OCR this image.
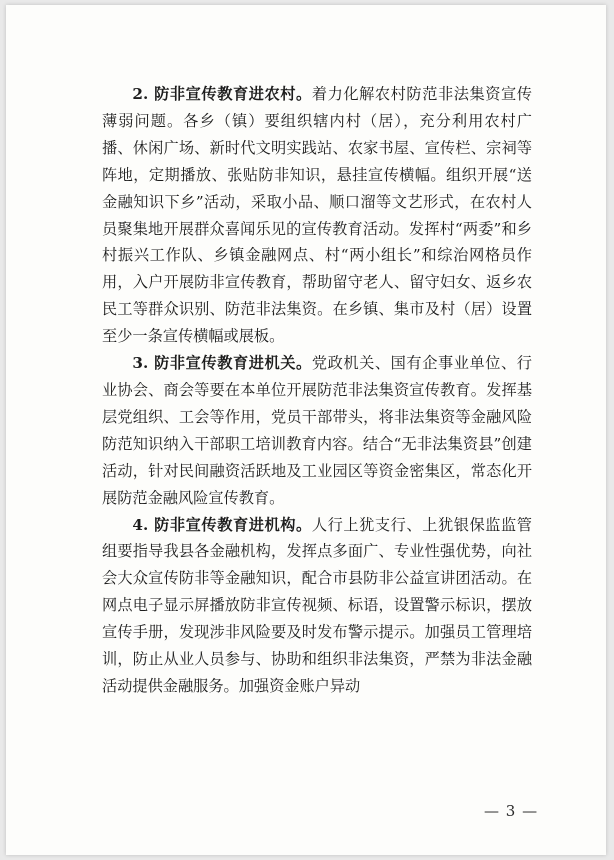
2. 防非宣传教育进农村。着力化解农村防范非法集资宣传薄弱问题。各乡（镇）要组织辖内村（居），充分利用农村广播、休闲广场、新时代文明实践站、农家书屋、宣传栏、宗祠等阵地，定期播放、张贴防非知识，悬挂宣传横幅。组织开展“送金融知识下乡”活动，采取小品、顺口溜等文艺形式，在农村人员聚集地开展群众喜闻乐见的宣传教育活动。发挥村“两委”和乡村振兴工作队、乡镇金融网点、村“两小组长”和综治网格员作用，入户开展防非宣传教育，帮助留守老人、留守妇女、返乡农民工等群众识别、防范非法集资。在乡镇、集市及村（居）设置至少一条宣传横幅或展板。

3. 防非宣传教育进机关。党政机关、国有企事业单位、行业协会、商会等要在本单位开展防范非法集资宣传教育。发挥基层党组织、工会等作用，党员干部带头，将非法集资等金融风险防范知识纳入干部职工培训教育内容。结合“无非法集资县”创建活动，针对民间融资活跃地及工业园区等资金密集区，常态化开展防范金融风险宣传教育。

4. 防非宣传教育进机构。人行上犹支行、上犹银保监监管组要指导我县各金融机构，发挥点多面广、专业性强优势，向社会大众宣传防非等金融知识，配合市县防非公益宣讲团活动。在网点电子显示屏播放防非宣传视频、标语，设置警示标识，摆放宣传手册，发现涉非风险要及时发布警示提示。加强员工管理培训，防止从业人员参与、协助和组织非法集资，严禁为非法金融活动提供金融服务。加强资金账户异动

— 3 —
